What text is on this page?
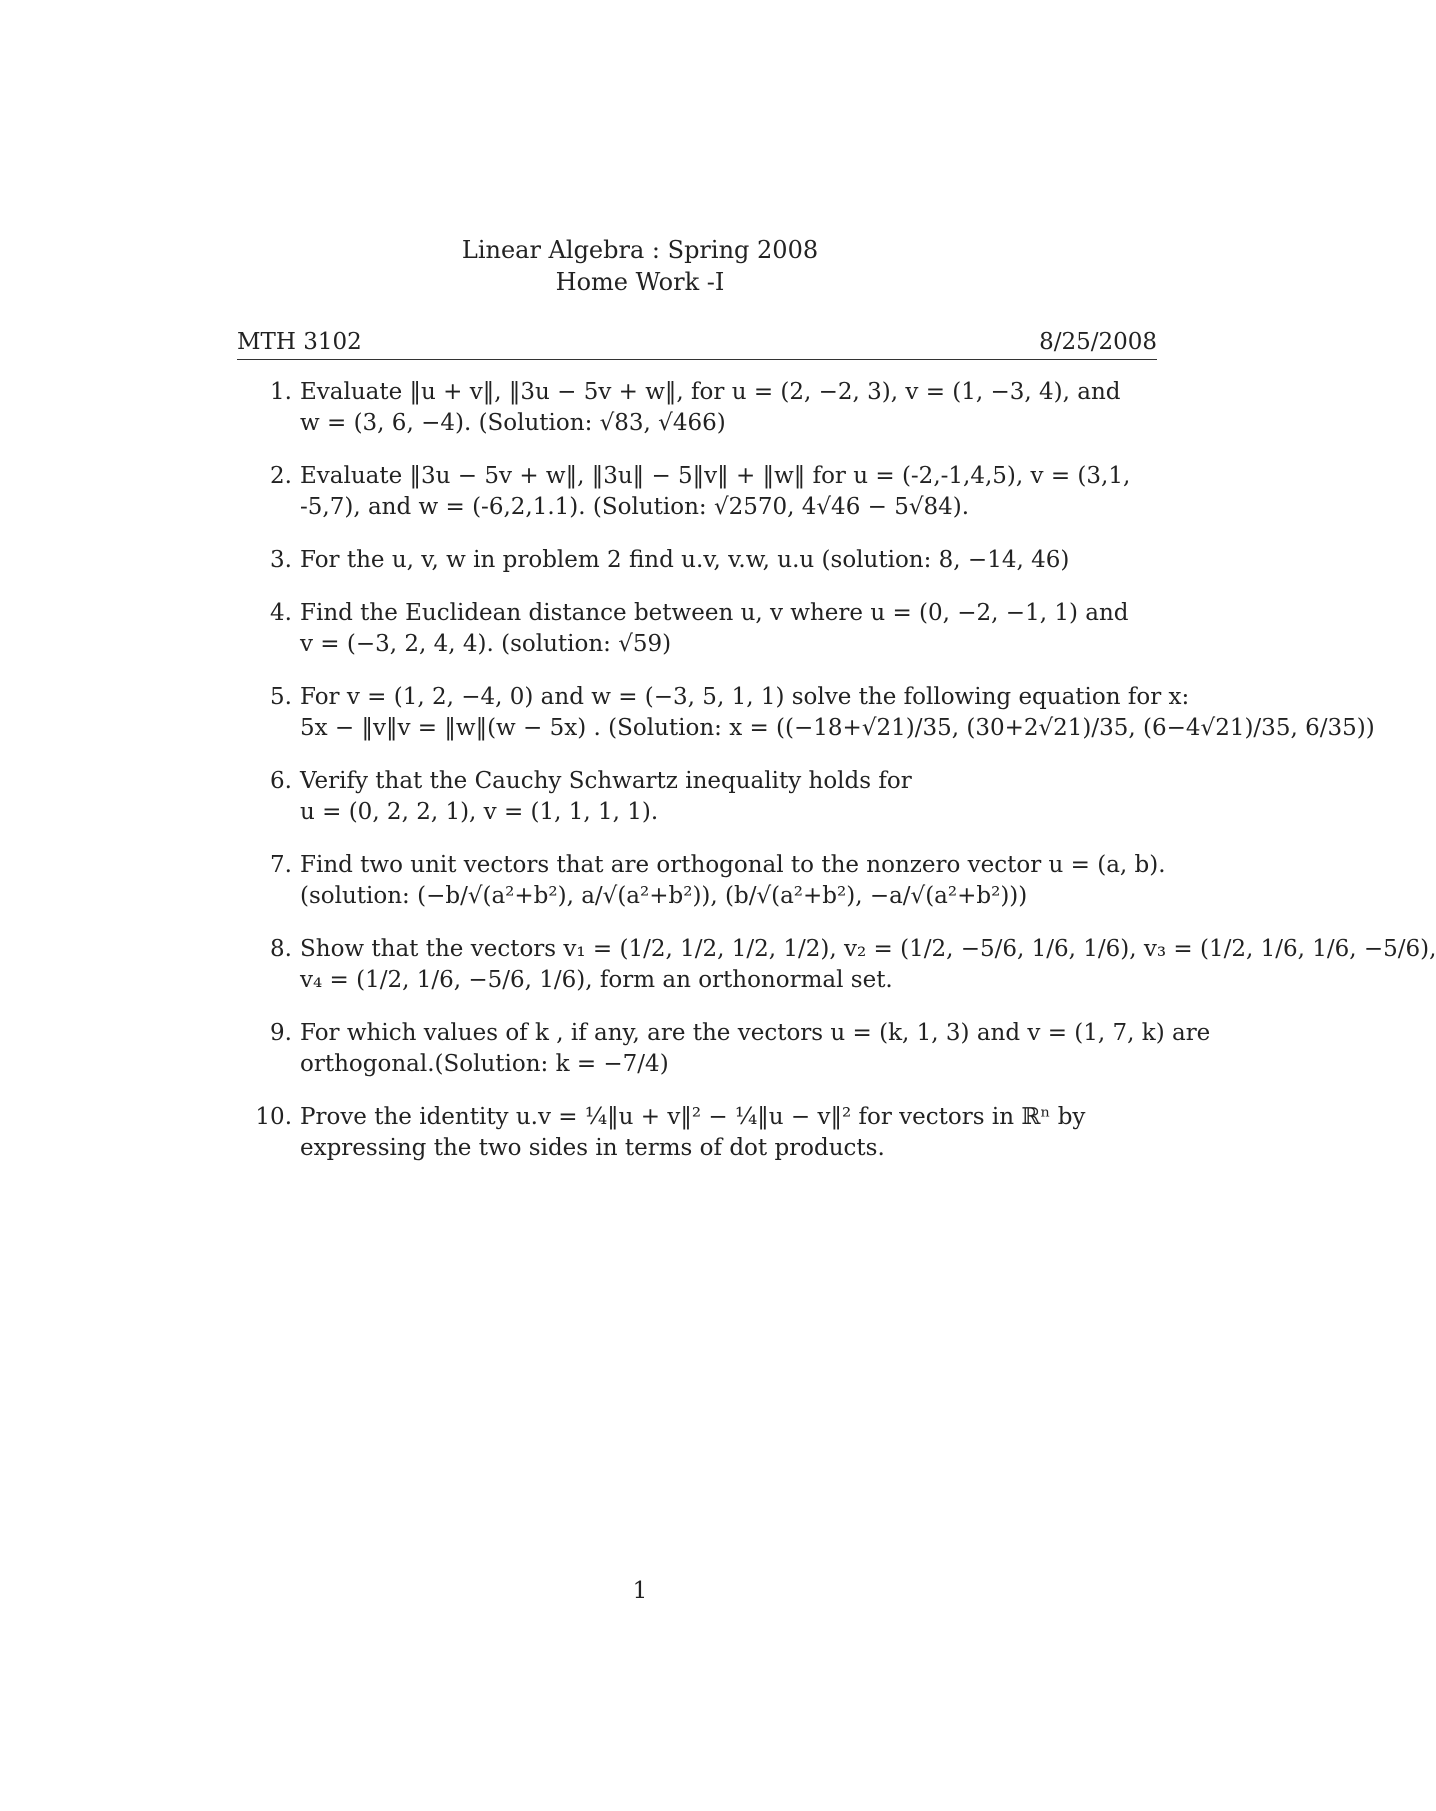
Linear Algebra : Spring 2008
Home Work -I
MTH 3102	8/25/2008
1. Evaluate ‖u + v‖, ‖3u − 5v + w‖, for u = (2, −2, 3), v = (1, −3, 4), and
w = (3, 6, −4). (Solution: √83, √466)
2. Evaluate ‖3u − 5v + w‖, ‖3u‖ − 5‖v‖ + ‖w‖ for u = (-2,-1,4,5), v = (3,1,
-5,7), and w = (-6,2,1.1). (Solution: √2570, 4√46 − 5√84).
3. For the u, v, w in problem 2 find u.v, v.w, u.u (solution: 8, −14, 46)
4. Find the Euclidean distance between u, v where u = (0, −2, −1, 1) and
v = (−3, 2, 4, 4). (solution: √59)
5. For v = (1, 2, −4, 0) and w = (−3, 5, 1, 1) solve the following equation for x:
5x − ‖v‖v = ‖w‖(w − 5x) . (Solution: x = ((−18+√21)/35, (30+2√21)/35, (6−4√21)/35, 6/35))
6. Verify that the Cauchy Schwartz inequality holds for
u = (0, 2, 2, 1), v = (1, 1, 1, 1).
7. Find two unit vectors that are orthogonal to the nonzero vector u = (a, b).
(solution: (−b/√(a²+b²), a/√(a²+b²)), (b/√(a²+b²), −a/√(a²+b²)))
8. Show that the vectors v₁ = (1/2, 1/2, 1/2, 1/2), v₂ = (1/2, −5/6, 1/6, 1/6), v₃ = (1/2, 1/6, 1/6, −5/6),
v₄ = (1/2, 1/6, −5/6, 1/6), form an orthonormal set.
9. For which values of k , if any, are the vectors u = (k, 1, 3) and v = (1, 7, k) are
orthogonal.(Solution: k = −7/4)
10. Prove the identity u.v = ¼‖u + v‖² − ¼‖u − v‖² for vectors in ℝⁿ by
expressing the two sides in terms of dot products.
1
